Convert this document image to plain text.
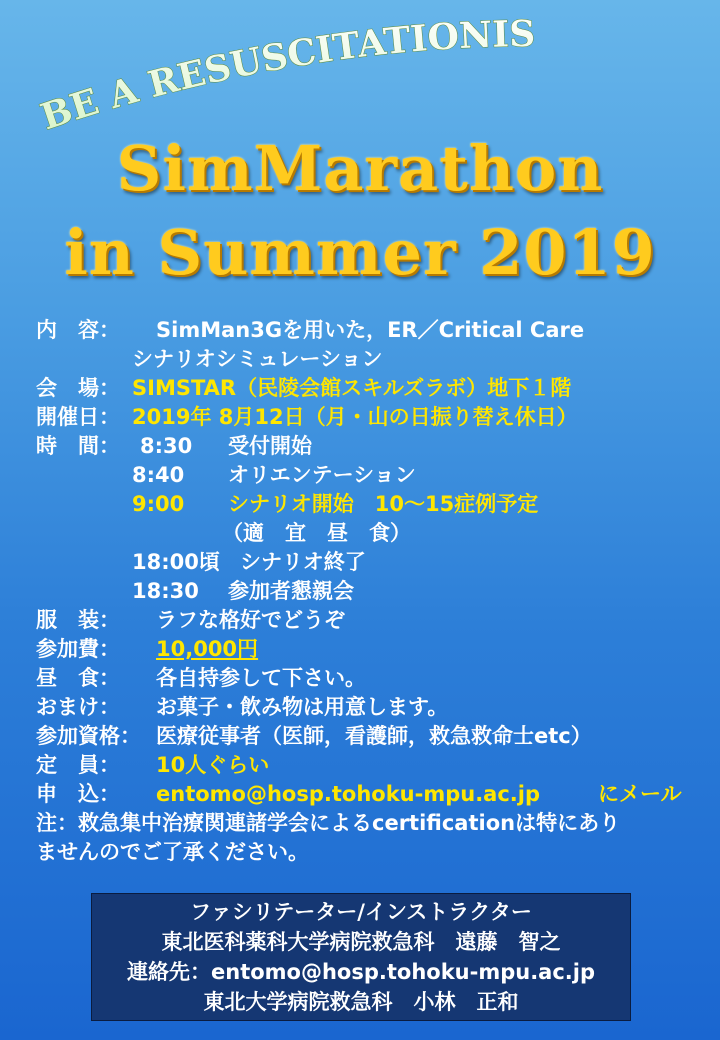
BE A RESUSCITATIONIST
SimMarathon
in Summer 2019
内　容： SimMan3Gを用いた，ER／Critical Care
シナリオシミュレーション
会　場： SIMSTAR（民陵会館スキルズラボ）地下１階
開催日： 2019年 8月12日（月・山の日振り替え休日）
時　間： 8:30 受付開始
8:40 オリエンテーション
9:00 シナリオ開始　10～15症例予定
（適　宜　昼　食）
18:00頃 シナリオ終了
18:30 参加者懇親会
服　装： ラフな格好でどうぞ
参加費： 10,000円
昼　食： 各自持参して下さい。
おまけ： お菓子・飲み物は用意します。
参加資格： 医療従事者（医師，看護師，救急救命士etc）
定　員： 10人ぐらい
申　込： entomo@hosp.tohoku-mpu.ac.jp	にメール
注：救急集中治療関連諸学会によるcertificationは特にあり
ませんのでご了承ください。
ファシリテーター/インストラクター
東北医科薬科大学病院救急科　遠藤　智之
連絡先：entomo@hosp.tohoku-mpu.ac.jp
東北大学病院救急科　小林　正和
